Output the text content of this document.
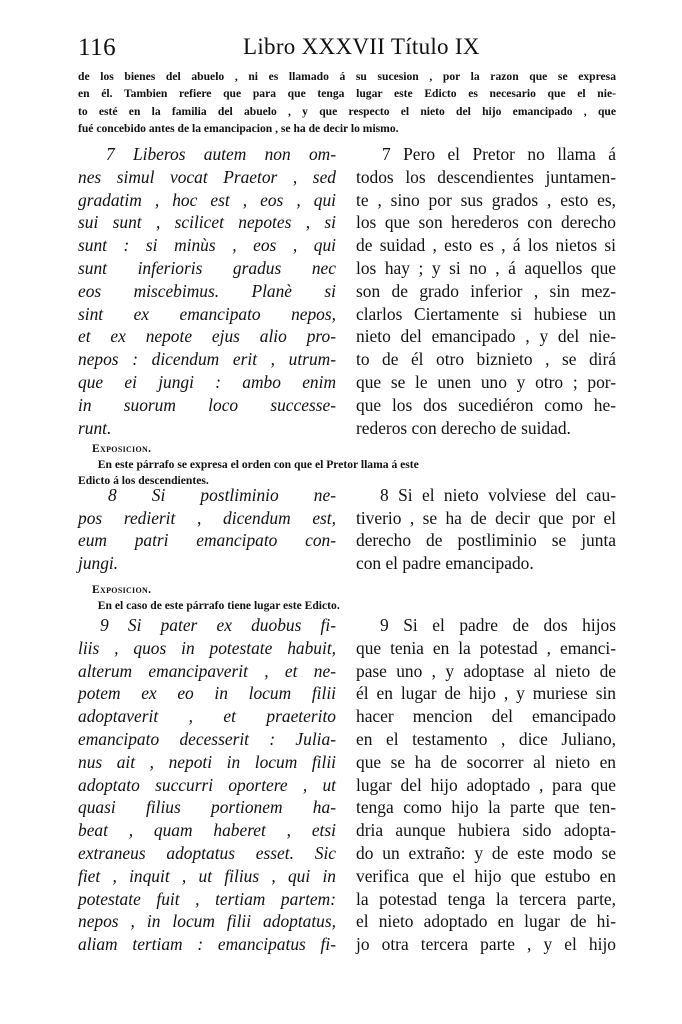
116	Libro XXXVII Título IX
de los bienes del abuelo , ni es llamado á su sucesion , por la razon que se expresa
en él. Tambien refiere que para que tenga lugar este Edicto es necesario que el nie-
to esté en la familia del abuelo , y que respecto el nieto del hijo emancipado , que
fué concebido antes de la emancipacion , se ha de decir lo mismo.
7 Liberos autem non om-
nes simul vocat Praetor , sed
gradatim , hoc est , eos , qui
sui sunt , scilicet nepotes , si
sunt : si minùs , eos , qui
sunt inferioris gradus nec
eos miscebimus. Planè si
sint ex emancipato nepos,
et ex nepote ejus alio pro-
nepos : dicendum erit , utrum-
que ei jungi : ambo enim
in suorum loco successe-
runt.
7 Pero el Pretor no llama á
todos los descendientes juntamen-
te , sino por sus grados , esto es,
los que son herederos con derecho
de suidad , esto es , á los nietos si
los hay ; y si no , á aquellos que
son de grado inferior , sin mez-
clarlos Ciertamente si hubiese un
nieto del emancipado , y del nie-
to de él otro biznieto , se dirá
que se le unen uno y otro ; por-
que los dos sucediéron como he-
rederos con derecho de suidad.
Exposicion.
En este párrafo se expresa el orden con que el Pretor llama á este
Edicto á los descendientes.
8 Si postliminio ne-
pos redierit , dicendum est,
eum patri emancipato con-
jungi.
8 Si el nieto volviese del cau-
tiverio , se ha de decir que por el
derecho de postliminio se junta
con el padre emancipado.
Exposicion.
En el caso de este párrafo tiene lugar este Edicto.
9 Si pater ex duobus fi-
liis , quos in potestate habuit,
alterum emancipaverit , et ne-
potem ex eo in locum filii
adoptaverit , et praeterito
emancipato decesserit : Julia-
nus ait , nepoti in locum filii
adoptato succurri oportere , ut
quasi filius portionem ha-
beat , quam haberet , etsi
extraneus adoptatus esset. Sic
fiet , inquit , ut filius , qui in
potestate fuit , tertiam partem:
nepos , in locum filii adoptatus,
aliam tertiam : emancipatus fi-
9 Si el padre de dos hijos
que tenia en la potestad , emanci-
pase uno , y adoptase al nieto de
él en lugar de hijo , y muriese sin
hacer mencion del emancipado
en el testamento , dice Juliano,
que se ha de socorrer al nieto en
lugar del hijo adoptado , para que
tenga como hijo la parte que ten-
dria aunque hubiera sido adopta-
do un extraño: y de este modo se
verifica que el hijo que estubo en
la potestad tenga la tercera parte,
el nieto adoptado en lugar de hi-
jo otra tercera parte , y el hijo
